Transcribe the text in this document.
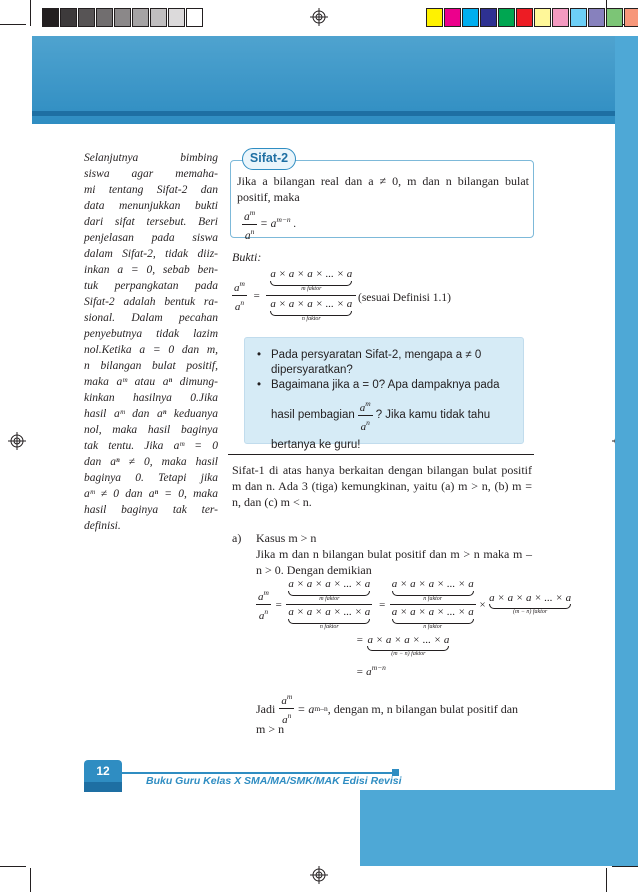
Selanjutnya bimbing
siswa agar memaha-
mi tentang Sifat-2 dan
data menunjukkan bukti
dari sifat tersebut. Beri
penjelasan pada siswa
dalam Sifat-2, tidak diiz-
inkan a = 0, sebab ben-
tuk perpangkatan pada
Sifat-2 adalah bentuk ra-
sional. Dalam pecahan
penyebutnya tidak lazim
nol.Ketika a = 0 dan m,
n bilangan bulat positif,
maka aᵐ atau aⁿ dimung-
kinkan hasilnya 0.Jika
hasil aᵐ dan aⁿ keduanya
nol, maka hasil baginya
tak tentu. Jika aᵐ = 0
dan aⁿ ≠ 0, maka hasil
baginya 0. Tetapi jika
aᵐ ≠ 0 dan aⁿ = 0, maka
hasil baginya tak ter-
definisi.
Sifat-2
Jika a bilangan real dan a ≠ 0, m dan n bilangan bulat positif, maka
$\frac{a^m}{a^n} = a^{m-n}$ .
Bukti:
$\frac{a^m}{a^n} = a \times a \times a$ × ... × a
m faktor
a × a × a × ... × a
n faktor (sesuai Definisi 1.1)
• Pada persyaratan Sifat-2, mengapa a ≠ 0
dipersyaratkan?
• Bagaimana jika a = 0? Apa dampaknya pada
hasil pembagian $\frac{a^m}{a^n}$ ? Jika kamu tidak tahu
bertanya ke guru!
Sifat-1 di atas hanya berkaitan dengan bilangan bulat positif m dan n. Ada 3 (tiga) kemungkinan, yaitu (a) m > n, (b) m = n, dan (c) m < n.
a) Kasus m > n
Jika m dan n bilangan bulat positif dan m > n maka m – n > 0. Dengan demikian
$\frac{a^m}{a^n} = a \times a \times a$ × ... × a
m faktor
a × a × a × ... × a
n faktor = a × a × a × ... × a
n faktor
a × a × a × ... × a
n faktor ×
a × a × a × ... × a
(m − n) faktor
= a × a × a × ... × a
(m − n) faktor
= $a^{m-n}$
Jadi $\frac{a^m}{a^n} = a$ m–n , dengan m, n bilangan bulat positif dan
m > n
12
Buku Guru Kelas X SMA/MA/SMK/MAK Edisi Revisi
